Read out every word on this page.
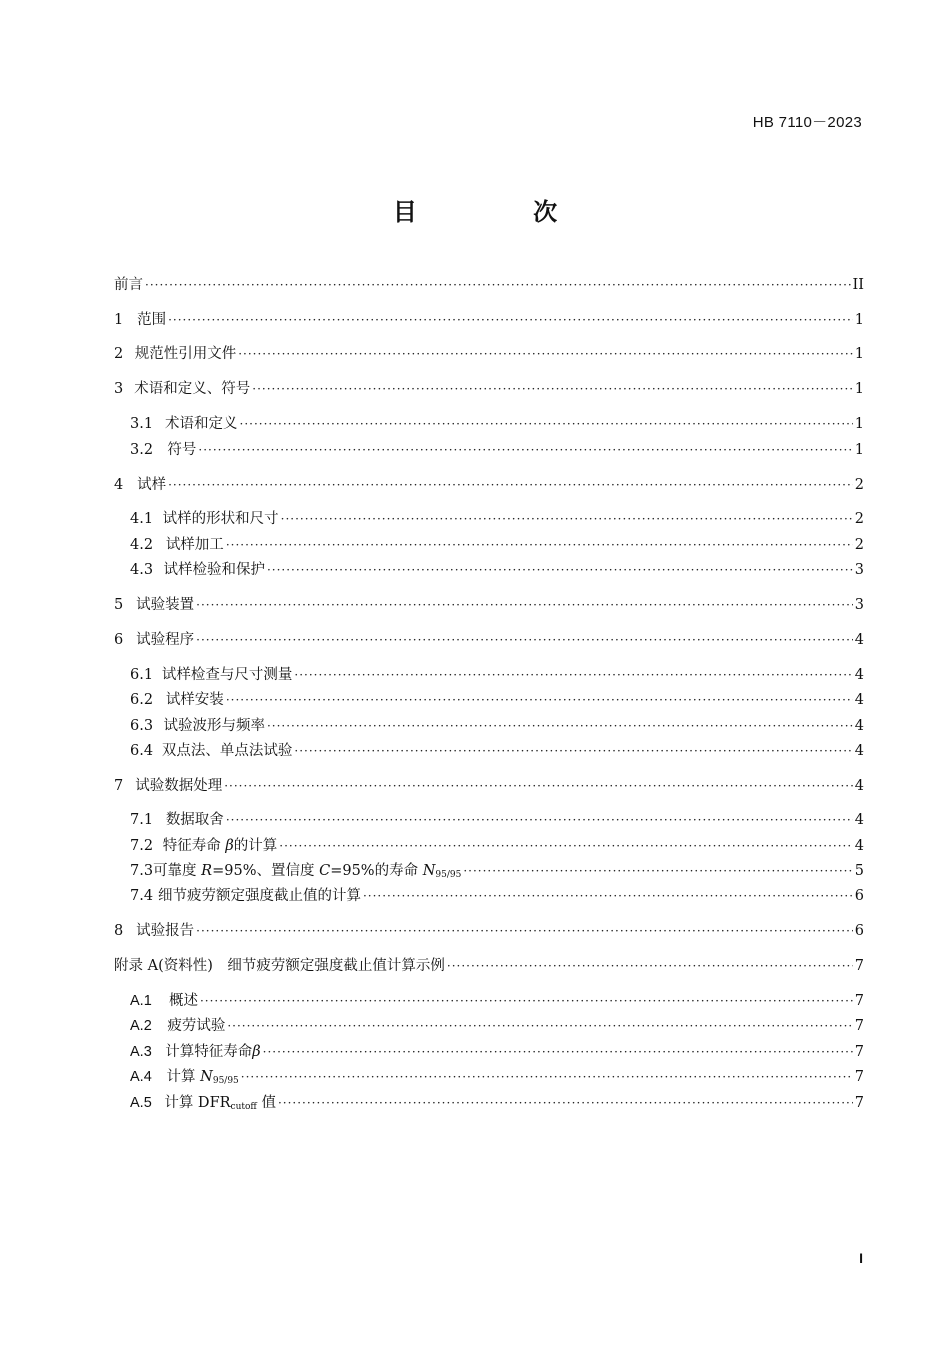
HB 7110－2023
目 次
前言 ·····	II
1 范围 ·····	1
2 规范性引用文件 ·····	1
3 术语和定义、符号 ·····	1
3.1 术语和定义 ·····	1
3.2 符号 ·····	1
4 试样 ·····	2
4.1 试样的形状和尺寸 ·····	2
4.2 试样加工 ·····	2
4.3 试样检验和保护 ·····	3
5 试验装置 ·····	3
6 试验程序 ·····	4
6.1 试样检查与尺寸测量 ·····	4
6.2 试样安装 ·····	4
6.3 试验波形与频率 ·····	4
6.4 双点法、单点法试验 ·····	4
7 试验数据处理 ·····	4
7.1 数据取舍 ·····	4
7.2 特征寿命 β的计算 ·····	4
7.3 可靠度 R=95%、置信度 C=95%的寿命 $N_{95/95}$ ·····	5
7.4 细节疲劳额定强度截止值的计算 ·····	6
8 试验报告 ·····	6
附录 A(资料性)　细节疲劳额定强度截止值计算示例 ·····	7
A.1	概述 ·····	7
A.2	疲劳试验 ·····	7
A.3 计算特征寿命β ·····	7
A.4	计算 $N_{95/95}$ ·····	7
A.5 计算 $DFR_{cutoff}$ 值 ·····	7
I
